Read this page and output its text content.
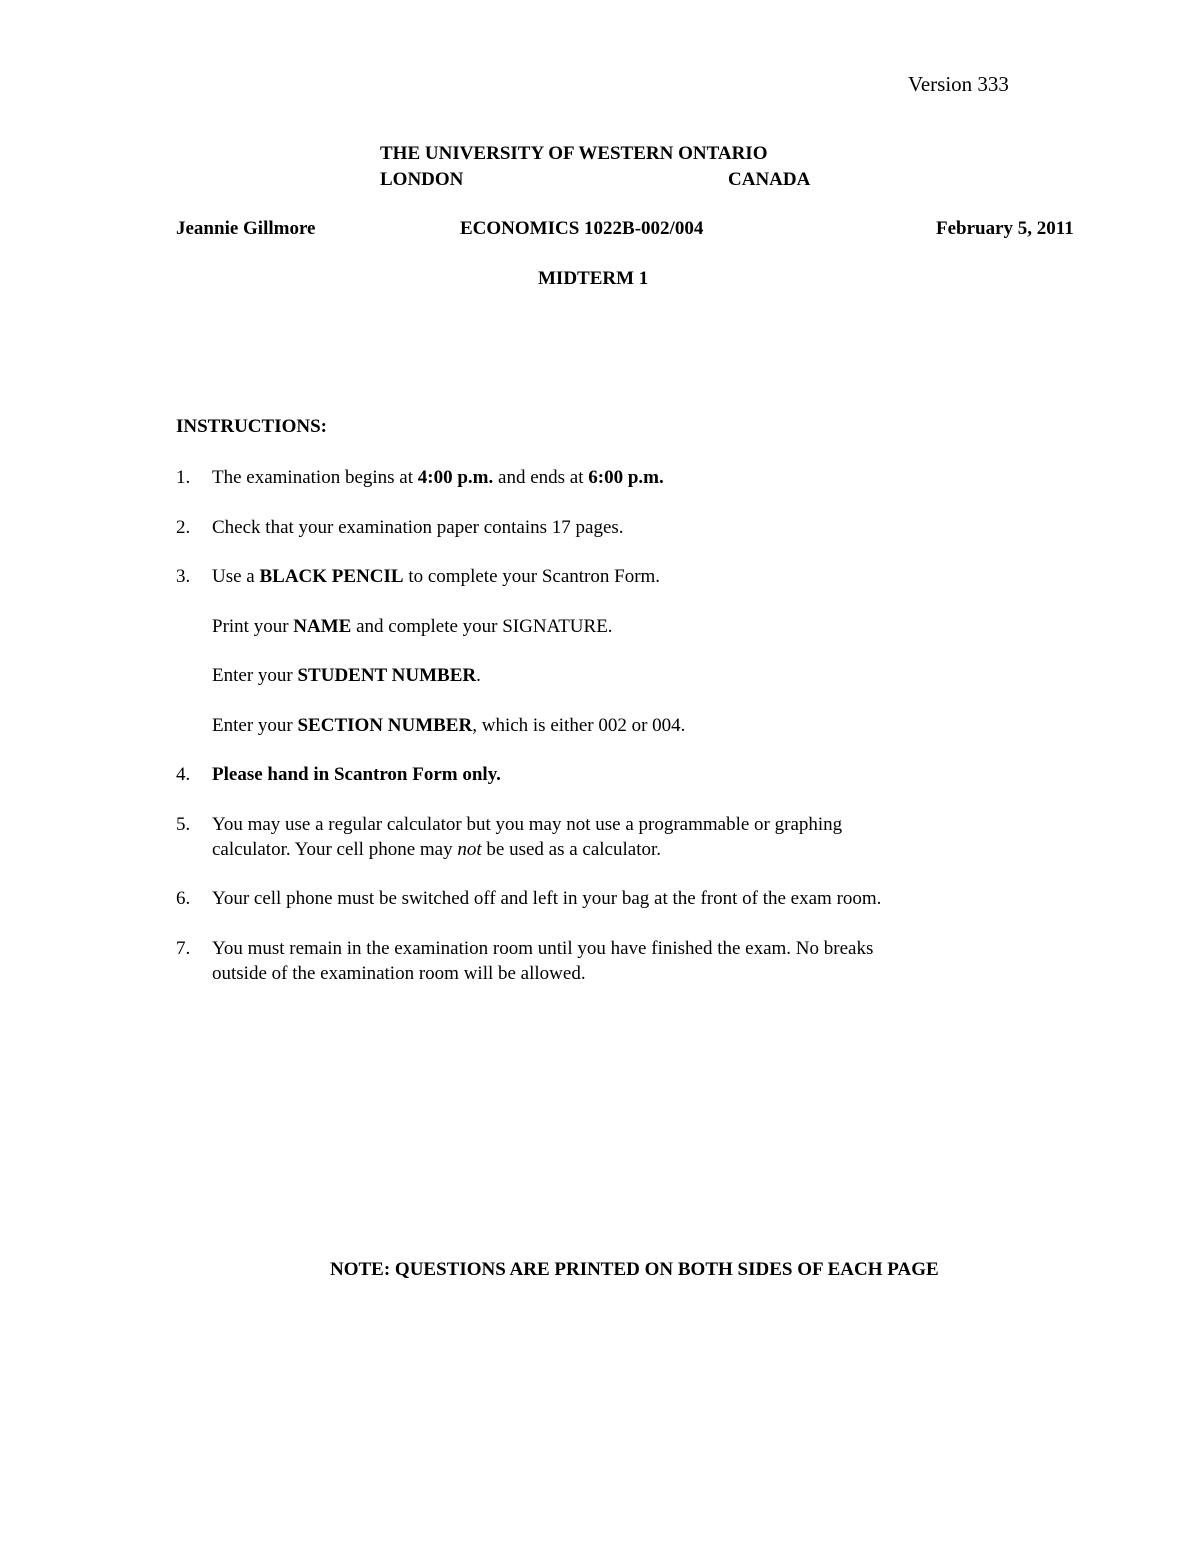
Version 333
THE UNIVERSITY OF WESTERN ONTARIO
LONDON	CANADA
Jeannie Gillmore	ECONOMICS 1022B-002/004	February 5, 2011
MIDTERM 1
INSTRUCTIONS:
1. The examination begins at 4:00 p.m. and ends at 6:00 p.m.
2. Check that your examination paper contains 17 pages.
3. Use a BLACK PENCIL to complete your Scantron Form.
Print your NAME and complete your SIGNATURE.
Enter your STUDENT NUMBER.
Enter your SECTION NUMBER, which is either 002 or 004.
4. Please hand in Scantron Form only.
5. You may use a regular calculator but you may not use a programmable or graphing
calculator. Your cell phone may not be used as a calculator.
6. Your cell phone must be switched off and left in your bag at the front of the exam room.
7. You must remain in the examination room until you have finished the exam. No breaks
outside of the examination room will be allowed.
NOTE: QUESTIONS ARE PRINTED ON BOTH SIDES OF EACH PAGE
